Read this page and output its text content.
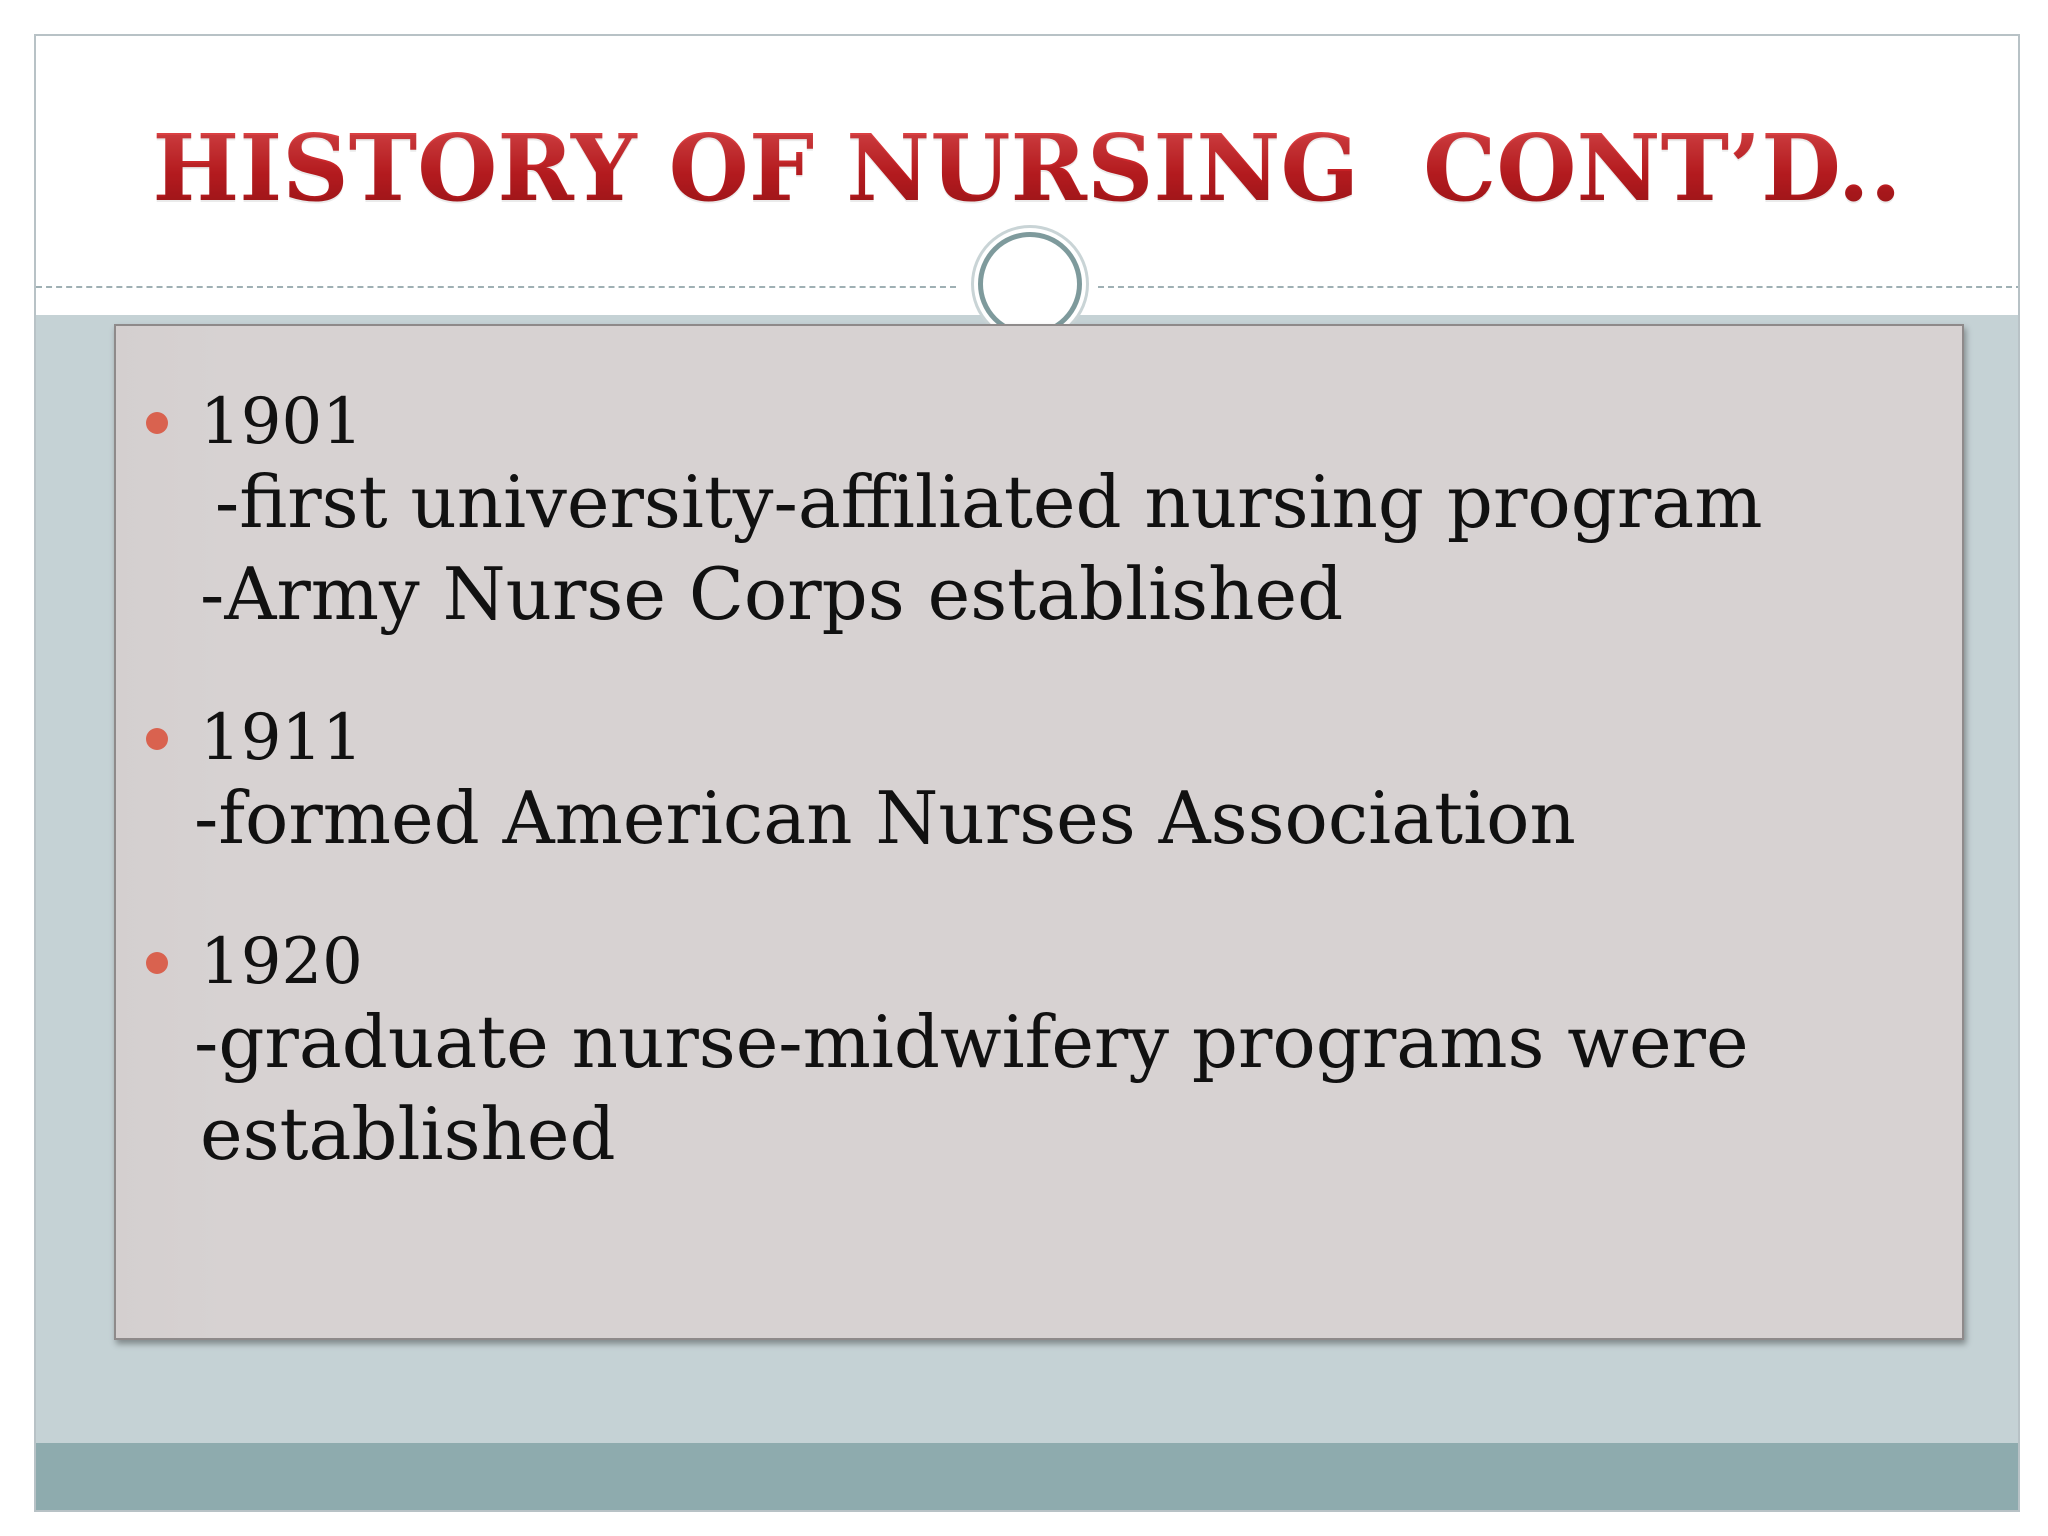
HISTORY OF NURSING  CONT’D..
1901
-first university-affiliated nursing program
-Army Nurse Corps established
1911
-formed American Nurses Association
1920
-graduate nurse-midwifery programs were
established
